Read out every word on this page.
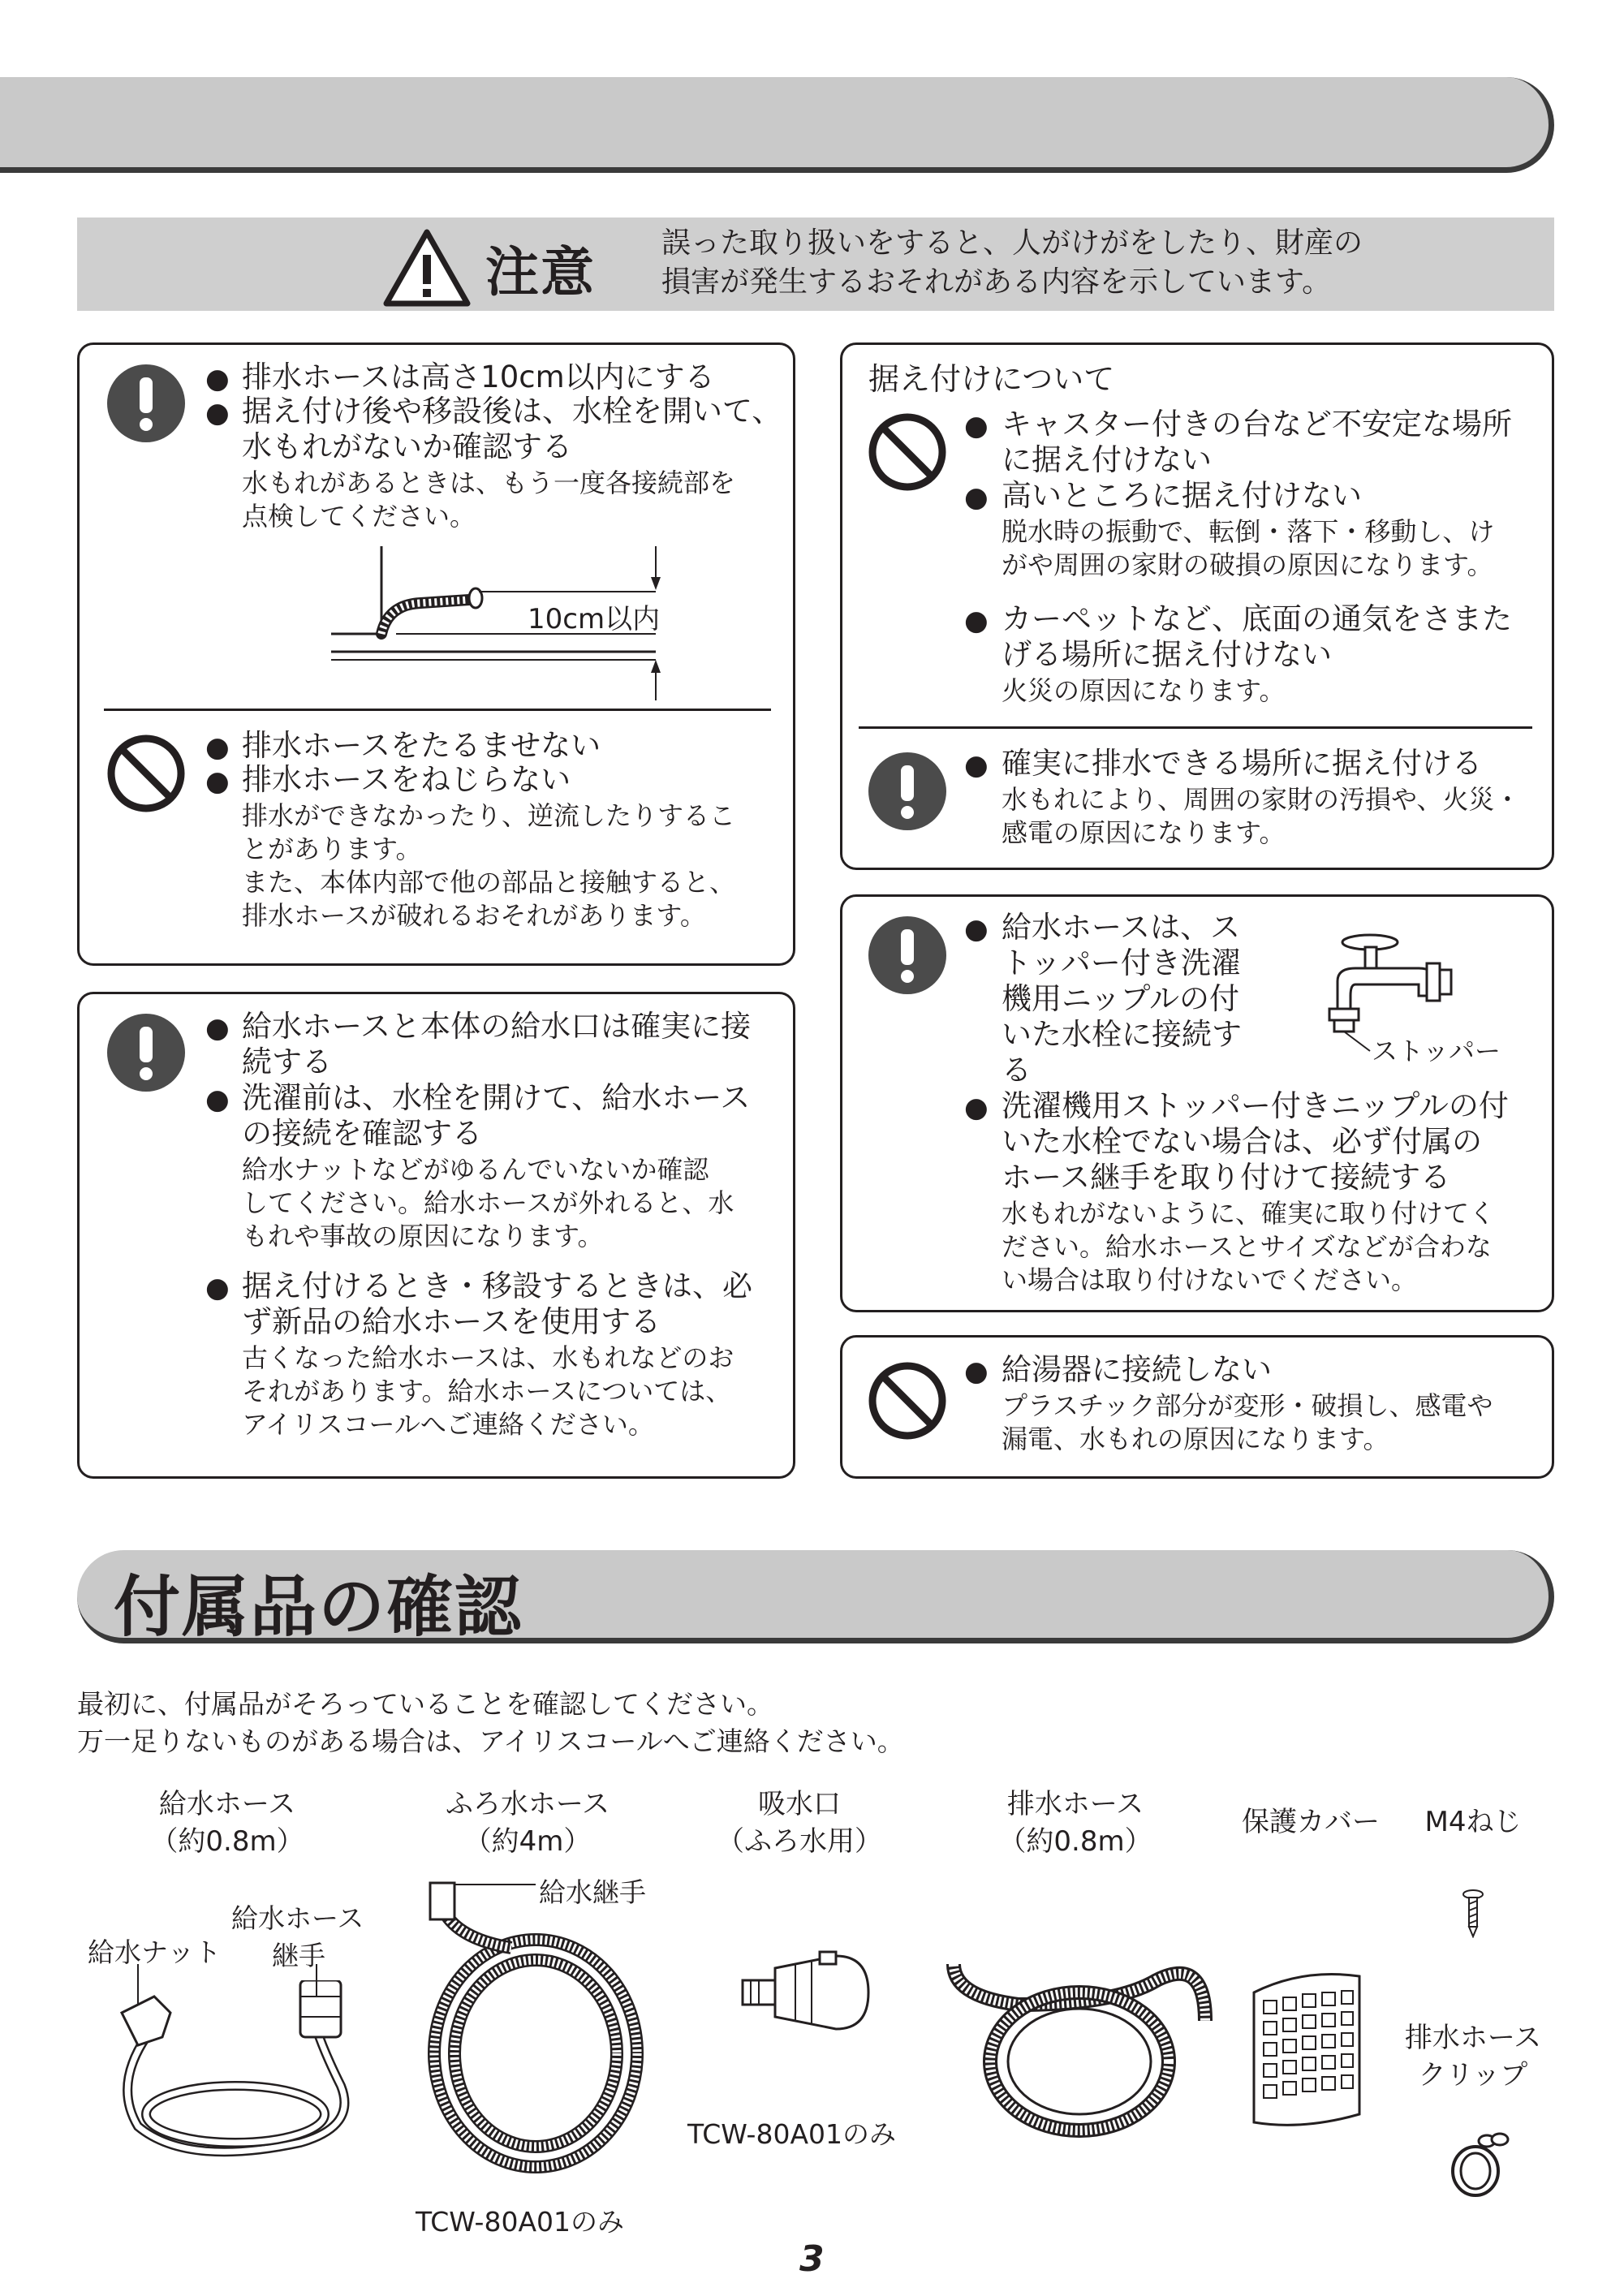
注意 誤った取り扱いをすると、人がけがをしたり、財産の
損害が発生するおそれがある内容を示しています。
● 排水ホースは高さ10cm以内にする
● 据え付け後や移設後は、水栓を開いて、
水もれがないか確認する
水もれがあるときは、もう一度各接続部を
点検してください。
10cm以内
● 排水ホースをたるませない
● 排水ホースをねじらない
排水ができなかったり、逆流したりするこ
とがあります。
また、本体内部で他の部品と接触すると、
排水ホースが破れるおそれがあります。
● 給水ホースと本体の給水口は確実に接
続する
● 洗濯前は、水栓を開けて、給水ホース
の接続を確認する
給水ナットなどがゆるんでいないか確認
してください。給水ホースが外れると、水
もれや事故の原因になります。
● 据え付けるとき・移設するときは、必
ず新品の給水ホースを使用する
古くなった給水ホースは、水もれなどのお
それがあります。給水ホースについては、
アイリスコールへご連絡ください。
据え付けについて
● キャスター付きの台など不安定な場所
に据え付けない
● 高いところに据え付けない
脱水時の振動で、転倒・落下・移動し、け
がや周囲の家財の破損の原因になります。
● カーペットなど、底面の通気をさまた
げる場所に据え付けない
火災の原因になります。
● 確実に排水できる場所に据え付ける
水もれにより、周囲の家財の汚損や、火災・
感電の原因になります。
● 給水ホースは、ス
トッパー付き洗濯
機用ニップルの付
いた水栓に接続す
る
ストッパー
● 洗濯機用ストッパー付きニップルの付
いた水栓でない場合は、必ず付属の
ホース継手を取り付けて接続する
水もれがないように、確実に取り付けてく
ださい。給水ホースとサイズなどが合わな
い場合は取り付けないでください。
● 給湯器に接続しない
プラスチック部分が変形・破損し、感電や
漏電、水もれの原因になります。
付属品の確認
最初に、付属品がそろっていることを確認してください。
万一足りないものがある場合は、アイリスコールへご連絡ください。
給水ホース
（約0.8m）
ふろ水ホース
（約4m）
吸水口
（ふろ水用）
排水ホース
（約0.8m）
保護カバー	M4ねじ
給水ナット
給水ホース
継手
給水継手
TCW-80A01のみ
TCW-80A01のみ
排水ホース
クリップ
3
